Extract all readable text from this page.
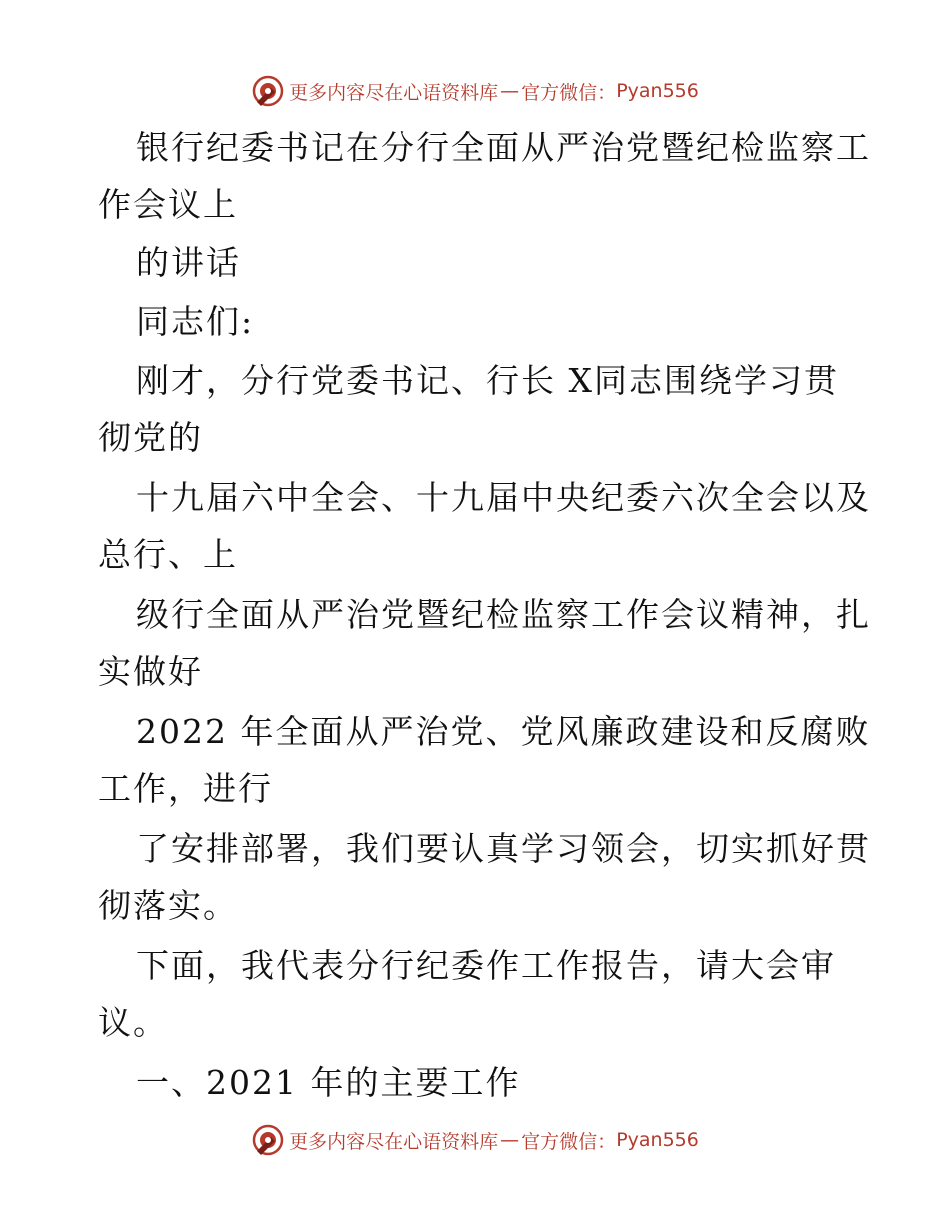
更多内容尽在心语资料库 — 官方微信： Pyan556
银行纪委书记在分行全面从严治党暨纪检监察工
作会议上
的讲话
同志们:
刚才，分行党委书记、行长 X同志围绕学习贯
彻党的
十九届六中全会、十九届中央纪委六次全会以及
总行、上
级行全面从严治党暨纪检监察工作会议精神，扎
实做好
2022 年全面从严治党、党风廉政建设和反腐败
工作，进行
了安排部署，我们要认真学习领会，切实抓好贯
彻落实。
下面，我代表分行纪委作工作报告，请大会审
议。
一、2021 年的主要工作
更多内容尽在心语资料库 — 官方微信： Pyan556
